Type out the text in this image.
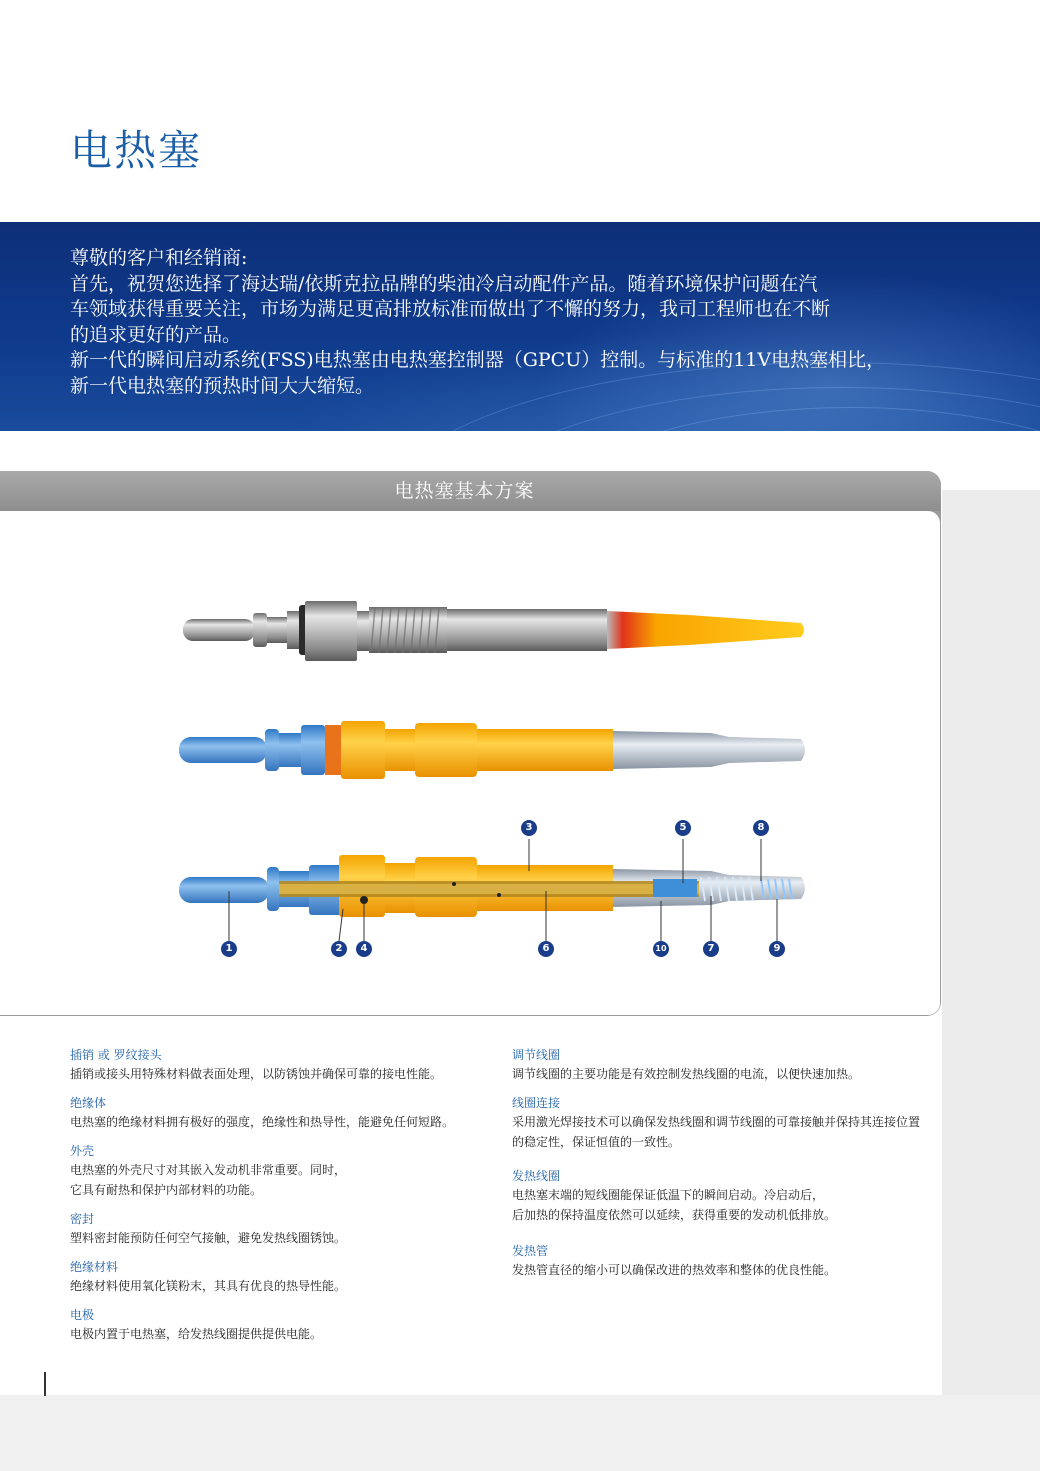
电热塞
尊敬的客户和经销商:
首先，祝贺您选择了海达瑞/依斯克拉品牌的柴油冷启动配件产品。随着环境保护问题在汽
车领域获得重要关注，市场为满足更高排放标准而做出了不懈的努力，我司工程师也在不断
的追求更好的产品。
新一代的瞬间启动系统(FSS)电热塞由电热塞控制器（GPCU）控制。与标准的11V电热塞相比，
新一代电热塞的预热时间大大缩短。
电热塞基本方案
1	2	4
3
6
5
10	7
8
9
插销 或 罗纹接头
插销或接头用特殊材料做表面处理，以防锈蚀并确保可靠的接电性能。
绝缘体
电热塞的绝缘材料拥有极好的强度，绝缘性和热导性，能避免任何短路。
外壳
电热塞的外壳尺寸对其嵌入发动机非常重要。同时，
它具有耐热和保护内部材料的功能。
密封
塑料密封能预防任何空气接触，避免发热线圈锈蚀。
绝缘材料
绝缘材料使用氧化镁粉末，其具有优良的热导性能。
电极
电极内置于电热塞，给发热线圈提供提供电能。
调节线圈
调节线圈的主要功能是有效控制发热线圈的电流，以便快速加热。
线圈连接
采用激光焊接技术可以确保发热线圈和调节线圈的可靠接触并保持其连接位置
的稳定性，保证恒值的一致性。
发热线圈
电热塞末端的短线圈能保证低温下的瞬间启动。冷启动后，
后加热的保持温度依然可以延续，获得重要的发动机低排放。
发热管
发热管直径的缩小可以确保改进的热效率和整体的优良性能。
